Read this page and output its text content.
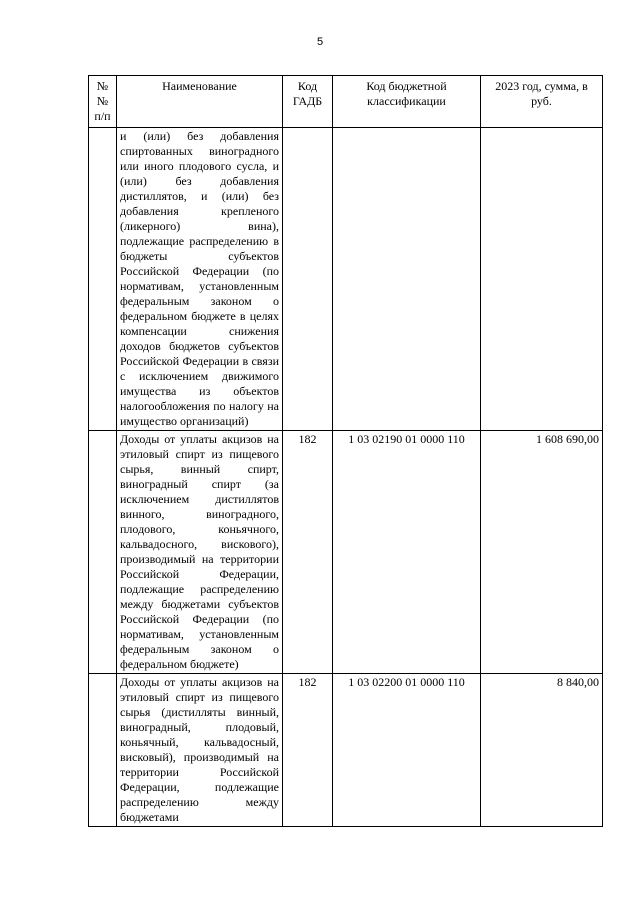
5
№№ п/п	Наименование	Код ГАДБ	Код бюджетной классификации	2023 год, сумма, в руб.
	и (или) без добавления спиртованных виноградного или иного плодового сусла, и (или) без добавления дистиллятов, и (или) без добавления крепленого (ликерного) вина), подлежащие распределению в бюджеты субъектов Российской Федерации (по нормативам, установленным федеральным законом о федеральном бюджете в целях компенсации снижения доходов бюджетов субъектов Российской Федерации в связи с исключением движимого имущества из объектов налогообложения по налогу на имущество организаций)			
	Доходы от уплаты акцизов на этиловый спирт из пищевого сырья, винный спирт, виноградный спирт (за исключением дистиллятов винного, виноградного, плодового, коньячного, кальвадосного, вискового), производимый на территории Российской Федерации, подлежащие распределению между бюджетами субъектов Российской Федерации (по нормативам, установленным федеральным законом о федеральном бюджете)	182	1 03 02190 01 0000 110	1 608 690,00
	Доходы от уплаты акцизов на этиловый спирт из пищевого сырья (дистилляты винный, виноградный, плодовый, коньячный, кальвадосный, висковый), производимый на территории Российской Федерации, подлежащие распределению между бюджетами	182	1 03 02200 01 0000 110	8 840,00
